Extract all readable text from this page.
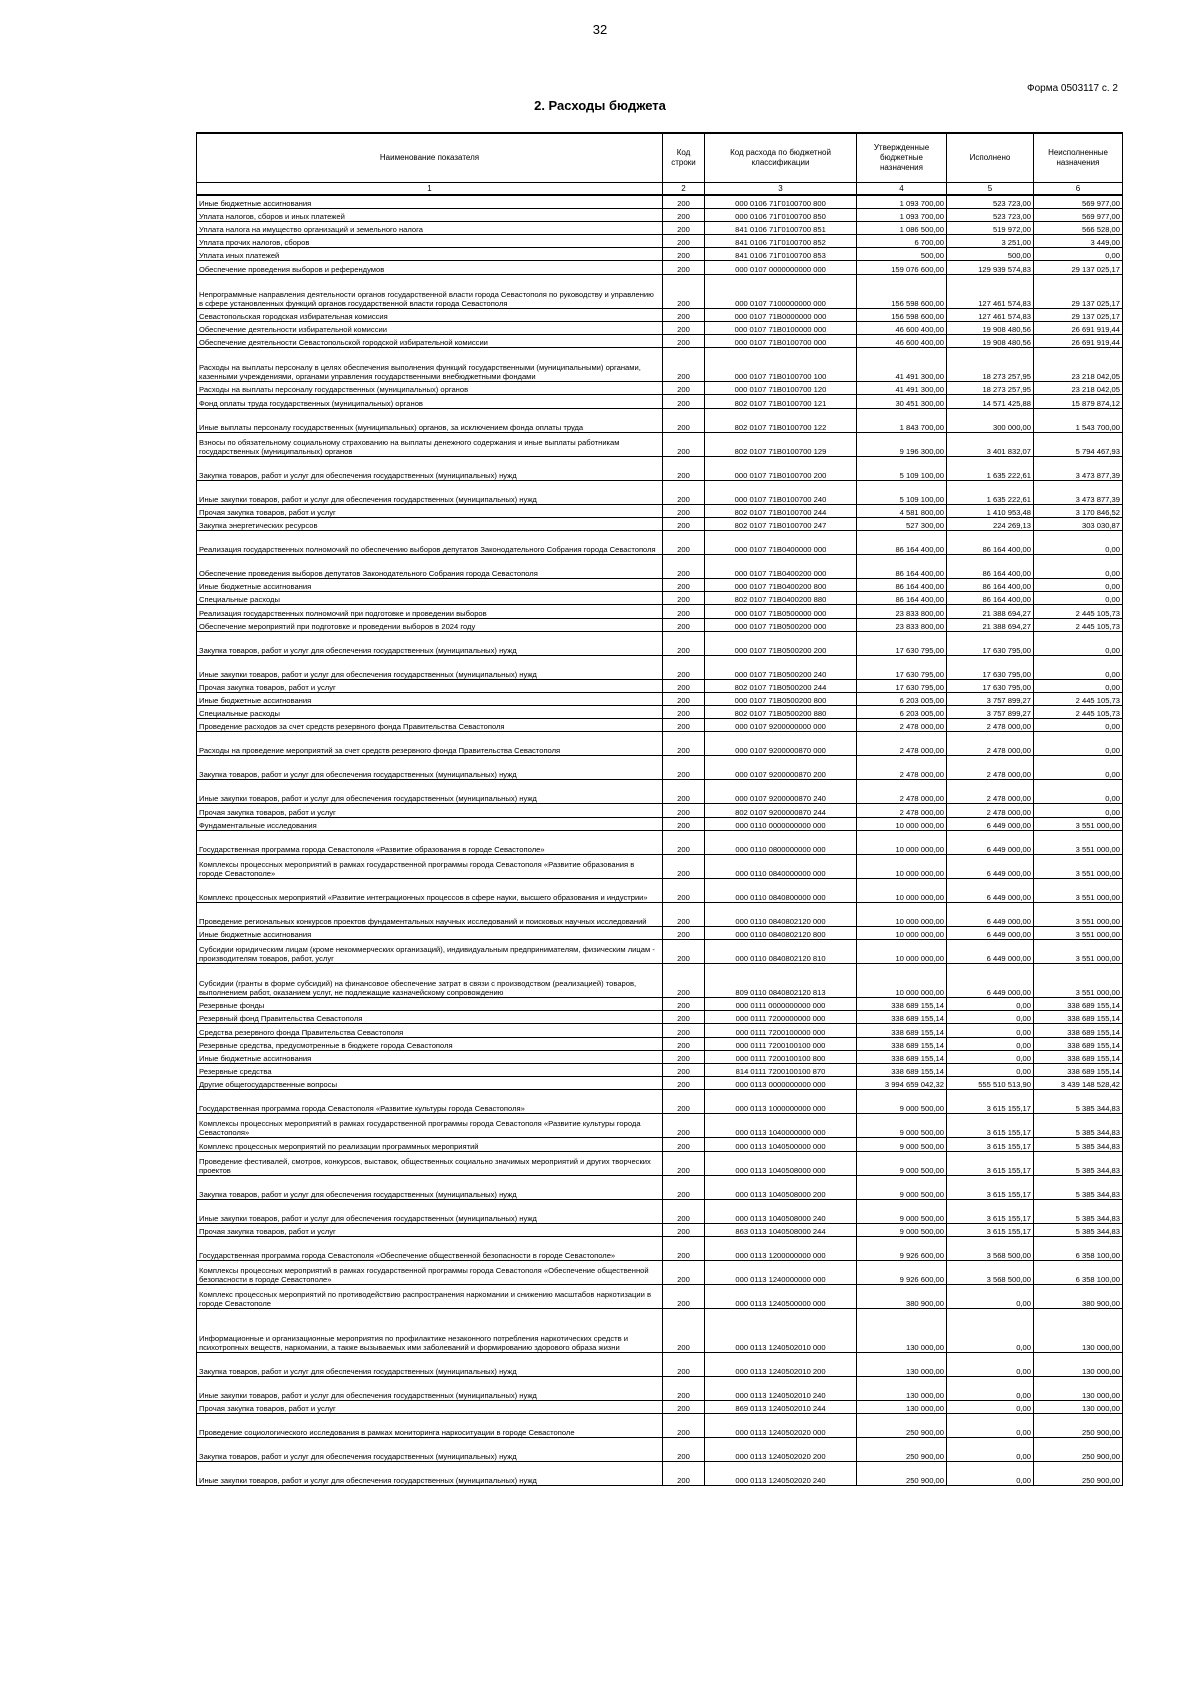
32
Форма 0503117 с. 2
2. Расходы бюджета
Наименование показателя	Код строки	Код расхода по бюджетной классификации	Утвержденные бюджетные назначения	Исполнено	Неисполненные назначения
1	2	3	4	5	6
Иные бюджетные ассигнования	200	000 0106 71Г0100700 800	1 093 700,00	523 723,00	569 977,00
Уплата налогов, сборов и иных платежей	200	000 0106 71Г0100700 850	1 093 700,00	523 723,00	569 977,00
Уплата налога на имущество организаций и земельного налога	200	841 0106 71Г0100700 851	1 086 500,00	519 972,00	566 528,00
Уплата прочих налогов, сборов	200	841 0106 71Г0100700 852	6 700,00	3 251,00	3 449,00
Уплата иных платежей	200	841 0106 71Г0100700 853	500,00	500,00	0,00
Обеспечение проведения выборов и референдумов	200	000 0107 0000000000 000	159 076 600,00	129 939 574,83	29 137 025,17
Непрограммные направления деятельности органов государственной власти города Севастополя по руководству и управлению в сфере установленных функций органов государственной власти города Севастополя	200	000 0107 7100000000 000	156 598 600,00	127 461 574,83	29 137 025,17
Севастопольская городская избирательная комиссия	200	000 0107 71В0000000 000	156 598 600,00	127 461 574,83	29 137 025,17
Обеспечение деятельности избирательной комиссии	200	000 0107 71В0100000 000	46 600 400,00	19 908 480,56	26 691 919,44
Обеспечение деятельности Севастопольской городской избирательной комиссии	200	000 0107 71В0100700 000	46 600 400,00	19 908 480,56	26 691 919,44
Расходы на выплаты персоналу в целях обеспечения выполнения функций государственными (муниципальными) органами, казенными учреждениями, органами управления государственными внебюджетными фондами	200	000 0107 71В0100700 100	41 491 300,00	18 273 257,95	23 218 042,05
Расходы на выплаты персоналу государственных (муниципальных) органов	200	000 0107 71В0100700 120	41 491 300,00	18 273 257,95	23 218 042,05
Фонд оплаты труда государственных (муниципальных) органов	200	802 0107 71В0100700 121	30 451 300,00	14 571 425,88	15 879 874,12
Иные выплаты персоналу государственных (муниципальных) органов, за исключением фонда оплаты труда	200	802 0107 71В0100700 122	1 843 700,00	300 000,00	1 543 700,00
Взносы по обязательному социальному страхованию на выплаты денежного содержания и иные выплаты работникам государственных (муниципальных) органов	200	802 0107 71В0100700 129	9 196 300,00	3 401 832,07	5 794 467,93
Закупка товаров, работ и услуг для обеспечения государственных (муниципальных) нужд	200	000 0107 71В0100700 200	5 109 100,00	1 635 222,61	3 473 877,39
Иные закупки товаров, работ и услуг для обеспечения государственных (муниципальных) нужд	200	000 0107 71В0100700 240	5 109 100,00	1 635 222,61	3 473 877,39
Прочая закупка товаров, работ и услуг	200	802 0107 71В0100700 244	4 581 800,00	1 410 953,48	3 170 846,52
Закупка энергетических ресурсов	200	802 0107 71В0100700 247	527 300,00	224 269,13	303 030,87
Реализация государственных полномочий по обеспечению выборов депутатов Законодательного Собрания города Севастополя	200	000 0107 71В0400000 000	86 164 400,00	86 164 400,00	0,00
Обеспечение проведения выборов депутатов Законодательного Собрания города Севастополя	200	000 0107 71В0400200 000	86 164 400,00	86 164 400,00	0,00
Иные бюджетные ассигнования	200	000 0107 71В0400200 800	86 164 400,00	86 164 400,00	0,00
Специальные расходы	200	802 0107 71В0400200 880	86 164 400,00	86 164 400,00	0,00
Реализация государственных полномочий при подготовке и проведении выборов	200	000 0107 71В0500000 000	23 833 800,00	21 388 694,27	2 445 105,73
Обеспечение мероприятий при подготовке и проведении выборов в 2024 году	200	000 0107 71В0500200 000	23 833 800,00	21 388 694,27	2 445 105,73
Закупка товаров, работ и услуг для обеспечения государственных (муниципальных) нужд	200	000 0107 71В0500200 200	17 630 795,00	17 630 795,00	0,00
Иные закупки товаров, работ и услуг для обеспечения государственных (муниципальных) нужд	200	000 0107 71В0500200 240	17 630 795,00	17 630 795,00	0,00
Прочая закупка товаров, работ и услуг	200	802 0107 71В0500200 244	17 630 795,00	17 630 795,00	0,00
Иные бюджетные ассигнования	200	000 0107 71В0500200 800	6 203 005,00	3 757 899,27	2 445 105,73
Специальные расходы	200	802 0107 71В0500200 880	6 203 005,00	3 757 899,27	2 445 105,73
Проведение расходов за счет средств резервного фонда Правительства Севастополя	200	000 0107 9200000000 000	2 478 000,00	2 478 000,00	0,00
Расходы на проведение мероприятий за счет средств резервного фонда Правительства Севастополя	200	000 0107 9200000870 000	2 478 000,00	2 478 000,00	0,00
Закупка товаров, работ и услуг для обеспечения государственных (муниципальных) нужд	200	000 0107 9200000870 200	2 478 000,00	2 478 000,00	0,00
Иные закупки товаров, работ и услуг для обеспечения государственных (муниципальных) нужд	200	000 0107 9200000870 240	2 478 000,00	2 478 000,00	0,00
Прочая закупка товаров, работ и услуг	200	802 0107 9200000870 244	2 478 000,00	2 478 000,00	0,00
Фундаментальные исследования	200	000 0110 0000000000 000	10 000 000,00	6 449 000,00	3 551 000,00
Государственная программа города Севастополя «Развитие образования в городе Севастополе»	200	000 0110 0800000000 000	10 000 000,00	6 449 000,00	3 551 000,00
Комплексы процессных мероприятий в рамках государственной программы города Севастополя «Развитие образования в городе Севастополе»	200	000 0110 0840000000 000	10 000 000,00	6 449 000,00	3 551 000,00
Комплекс процессных мероприятий «Развитие интеграционных процессов в сфере науки, высшего образования и индустрии»	200	000 0110 0840800000 000	10 000 000,00	6 449 000,00	3 551 000,00
Проведение региональных конкурсов проектов фундаментальных научных исследований и поисковых научных исследований	200	000 0110 0840802120 000	10 000 000,00	6 449 000,00	3 551 000,00
Иные бюджетные ассигнования	200	000 0110 0840802120 800	10 000 000,00	6 449 000,00	3 551 000,00
Субсидии юридическим лицам (кроме некоммерческих организаций), индивидуальным предпринимателям, физическим лицам - производителям товаров, работ, услуг	200	000 0110 0840802120 810	10 000 000,00	6 449 000,00	3 551 000,00
Субсидии (гранты в форме субсидий) на финансовое обеспечение затрат в связи с производством (реализацией) товаров, выполнением работ, оказанием услуг, не подлежащие казначейскому сопровождению	200	809 0110 0840802120 813	10 000 000,00	6 449 000,00	3 551 000,00
Резервные фонды	200	000 0111 0000000000 000	338 689 155,14	0,00	338 689 155,14
Резервный фонд Правительства Севастополя	200	000 0111 7200000000 000	338 689 155,14	0,00	338 689 155,14
Средства резервного фонда Правительства Севастополя	200	000 0111 7200100000 000	338 689 155,14	0,00	338 689 155,14
Резервные средства, предусмотренные в бюджете города Севастополя	200	000 0111 7200100100 000	338 689 155,14	0,00	338 689 155,14
Иные бюджетные ассигнования	200	000 0111 7200100100 800	338 689 155,14	0,00	338 689 155,14
Резервные средства	200	814 0111 7200100100 870	338 689 155,14	0,00	338 689 155,14
Другие общегосударственные вопросы	200	000 0113 0000000000 000	3 994 659 042,32	555 510 513,90	3 439 148 528,42
Государственная программа города Севастополя «Развитие культуры города Севастополя»	200	000 0113 1000000000 000	9 000 500,00	3 615 155,17	5 385 344,83
Комплексы процессных мероприятий в рамках государственной программы города Севастополя «Развитие культуры города Севастополя»	200	000 0113 1040000000 000	9 000 500,00	3 615 155,17	5 385 344,83
Комплекс процессных мероприятий по реализации программных мероприятий	200	000 0113 1040500000 000	9 000 500,00	3 615 155,17	5 385 344,83
Проведение фестивалей, смотров, конкурсов, выставок, общественных социально значимых мероприятий и других творческих проектов	200	000 0113 1040508000 000	9 000 500,00	3 615 155,17	5 385 344,83
Закупка товаров, работ и услуг для обеспечения государственных (муниципальных) нужд	200	000 0113 1040508000 200	9 000 500,00	3 615 155,17	5 385 344,83
Иные закупки товаров, работ и услуг для обеспечения государственных (муниципальных) нужд	200	000 0113 1040508000 240	9 000 500,00	3 615 155,17	5 385 344,83
Прочая закупка товаров, работ и услуг	200	863 0113 1040508000 244	9 000 500,00	3 615 155,17	5 385 344,83
Государственная программа города Севастополя «Обеспечение общественной безопасности в городе Севастополе»	200	000 0113 1200000000 000	9 926 600,00	3 568 500,00	6 358 100,00
Комплексы процессных мероприятий в рамках государственной программы города Севастополя «Обеспечение общественной безопасности в городе Севастополе»	200	000 0113 1240000000 000	9 926 600,00	3 568 500,00	6 358 100,00
Комплекс процессных мероприятий по противодействию распространения наркомании и снижению масштабов наркотизации в городе Севастополе	200	000 0113 1240500000 000	380 900,00	0,00	380 900,00
Информационные и организационные мероприятия по профилактике незаконного потребления наркотических средств и психотропных веществ, наркомании, а также вызываемых ими заболеваний и формированию здорового образа жизни	200	000 0113 1240502010 000	130 000,00	0,00	130 000,00
Закупка товаров, работ и услуг для обеспечения государственных (муниципальных) нужд	200	000 0113 1240502010 200	130 000,00	0,00	130 000,00
Иные закупки товаров, работ и услуг для обеспечения государственных (муниципальных) нужд	200	000 0113 1240502010 240	130 000,00	0,00	130 000,00
Прочая закупка товаров, работ и услуг	200	869 0113 1240502010 244	130 000,00	0,00	130 000,00
Проведение социологического исследования в рамках мониторинга наркоситуации в городе Севастополе	200	000 0113 1240502020 000	250 900,00	0,00	250 900,00
Закупка товаров, работ и услуг для обеспечения государственных (муниципальных) нужд	200	000 0113 1240502020 200	250 900,00	0,00	250 900,00
Иные закупки товаров, работ и услуг для обеспечения государственных (муниципальных) нужд	200	000 0113 1240502020 240	250 900,00	0,00	250 900,00
